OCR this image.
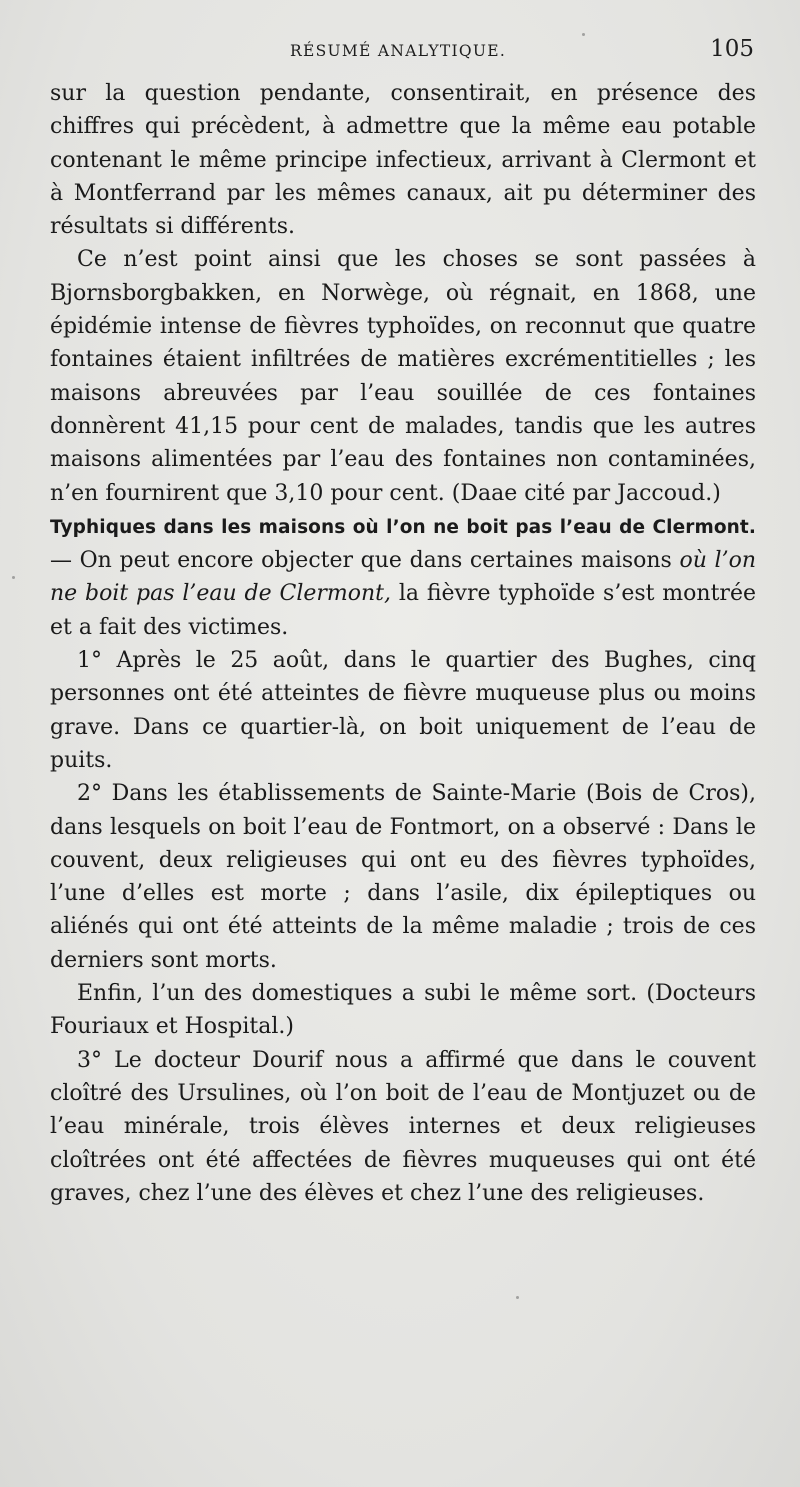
RÉSUMÉ ANALYTIQUE.	105

sur la question pendante, consentirait, en présence des chiffres qui précèdent, à admettre que la même eau potable contenant le même principe infectieux, arrivant à Clermont et à Montferrand par les mêmes canaux, ait pu déterminer des résultats si différents.

Ce n’est point ainsi que les choses se sont passées à Bjornsborgbakken, en Norwège, où régnait, en 1868, une épidémie intense de fièvres typhoïdes, on reconnut que quatre fontaines étaient infiltrées de matières excrémentitielles ; les maisons abreuvées par l’eau souillée de ces fontaines donnèrent 41,15 pour cent de malades, tandis que les autres maisons alimentées par l’eau des fontaines non contaminées, n’en fournirent que 3,10 pour cent. (Daae cité par Jaccoud.)

Typhiques dans les maisons où l’on ne boit pas l’eau de Clermont. — On peut encore objecter que dans certaines maisons où l’on ne boit pas l’eau de Clermont, la fièvre typhoïde s’est montrée et a fait des victimes.

1° Après le 25 août, dans le quartier des Bughes, cinq personnes ont été atteintes de fièvre muqueuse plus ou moins grave. Dans ce quartier-là, on boit uniquement de l’eau de puits.

2° Dans les établissements de Sainte-Marie (Bois de Cros), dans lesquels on boit l’eau de Fontmort, on a observé : Dans le couvent, deux religieuses qui ont eu des fièvres typhoïdes, l’une d’elles est morte ; dans l’asile, dix épileptiques ou aliénés qui ont été atteints de la même maladie ; trois de ces derniers sont morts.

Enfin, l’un des domestiques a subi le même sort. (Docteurs Fouriaux et Hospital.)

3° Le docteur Dourif nous a affirmé que dans le couvent cloîtré des Ursulines, où l’on boit de l’eau de Montjuzet ou de l’eau minérale, trois élèves internes et deux religieuses cloîtrées ont été affectées de fièvres muqueuses qui ont été graves, chez l’une des élèves et chez l’une des religieuses.
